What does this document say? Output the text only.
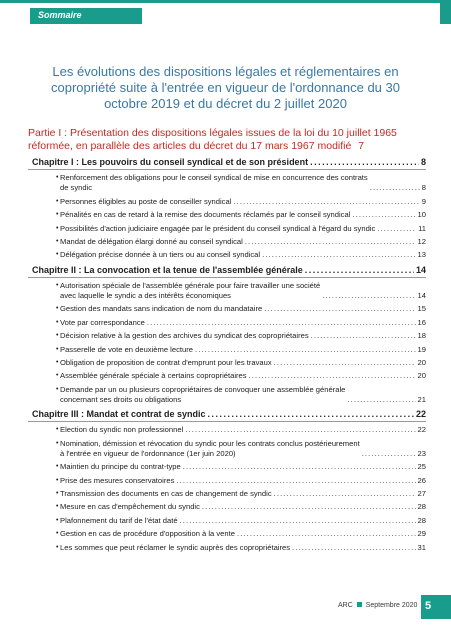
Sommaire
Les évolutions des dispositions légales et réglementaires en copropriété suite à l'entrée en vigueur de l'ordonnance du 30 octobre 2019 et du décret du 2 juillet 2020
Partie I : Présentation des dispositions légales issues de la loi du 10 juillet 1965 réformée, en parallèle des articles du décret du 17 mars 1967 modifié 7
Chapitre I : Les pouvoirs du conseil syndical et de son président . . .	8
• Renforcement des obligations pour le conseil syndical de mise en concurrence des contrats
de syndic . . .	8
• Personnes éligibles au poste de conseiller syndical . . .	9
• Pénalités en cas de retard à la remise des documents réclamés par le conseil syndical . . .	10
• Possibilités d'action judiciaire engagée par le président du conseil syndical à l'égard du syndic . . .	11
• Mandat de délégation élargi donné au conseil syndical . . .	12
• Délégation précise donnée à un tiers ou au conseil syndical . . .	13
Chapitre II : La convocation et la tenue de l'assemblée générale . . .	14
• Autorisation spéciale de l'assemblée générale pour faire travailler une société
avec laquelle le syndic a des intérêts économiques . . .	14
• Gestion des mandats sans indication de nom du mandataire . . .	15
• Vote par correspondance . . .	16
• Décision relative à la gestion des archives du syndicat des copropriétaires . . .	18
• Passerelle de vote en deuxième lecture . . .	19
• Obligation de proposition de contrat d'emprunt pour les travaux . . .	20
• Assemblée générale spéciale à certains copropriétaires . . .	20
• Demande par un ou plusieurs copropriétaires de convoquer une assemblée générale
concernant ses droits ou obligations . . .	21
Chapitre III : Mandat et contrat de syndic . . .	22
• Election du syndic non professionnel . . .	22
• Nomination, démission et révocation du syndic pour les contrats conclus postérieurement
à l'entrée en vigueur de l'ordonnance (1er juin 2020) . . .	23
• Maintien du principe du contrat-type . . .	25
• Prise des mesures conservatoires . . .	26
• Transmission des documents en cas de changement de syndic . . .	27
• Mesure en cas d'empêchement du syndic . . .	28
• Plafonnement du tarif de l'état daté . . .	28
• Gestion en cas de procédure d'opposition à la vente . . .	29
• Les sommes que peut réclamer le syndic auprès des copropriétaires . . .	31
ARC Septembre 2020 5
